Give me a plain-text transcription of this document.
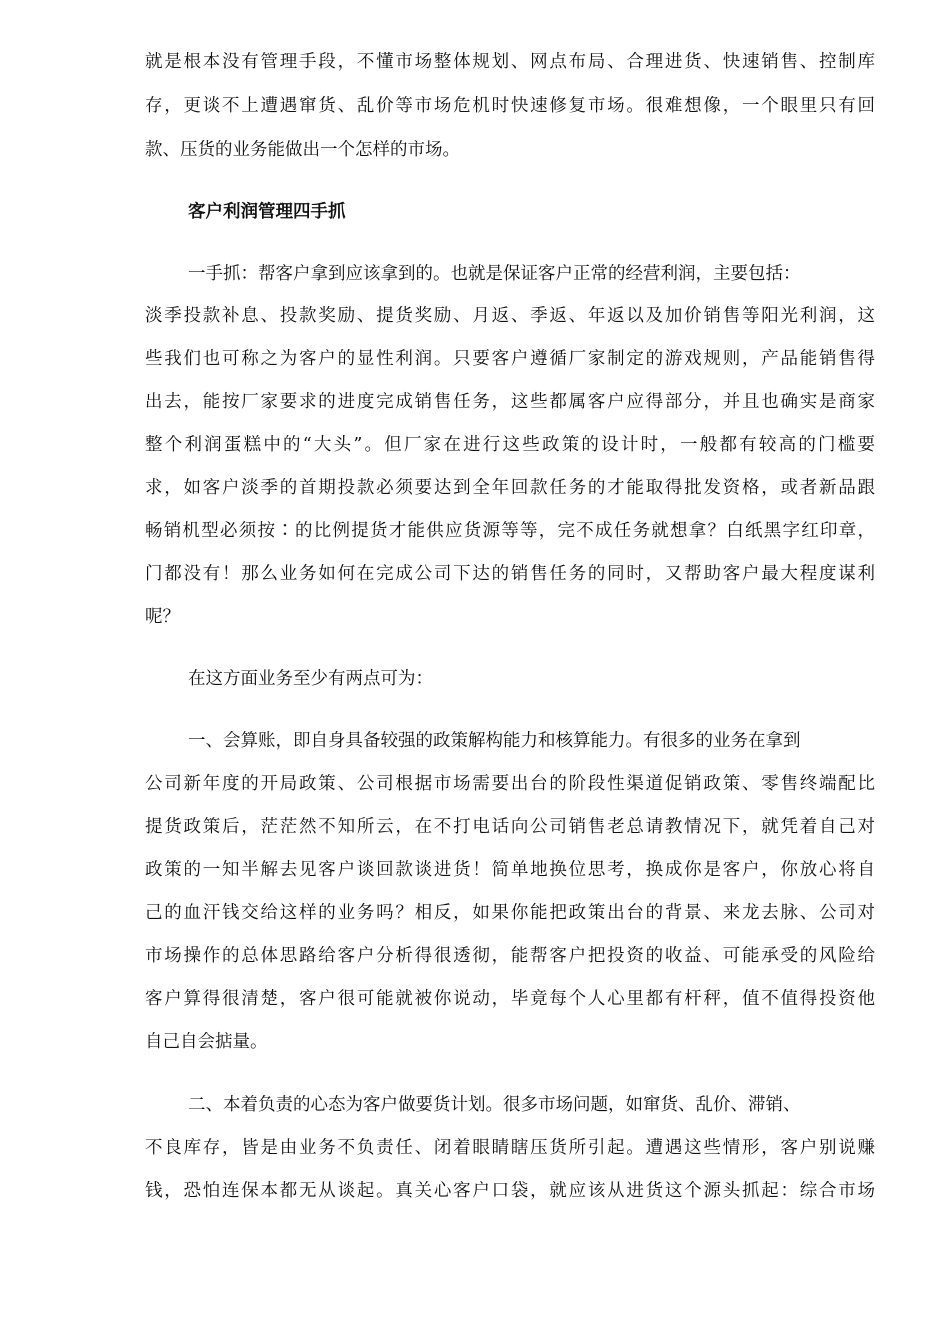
就是根本没有管理手段，不懂市场整体规划、网点布局、合理进货、快速销售、控制库
存，更谈不上遭遇窜货、乱价等市场危机时快速修复市场。很难想像，一个眼里只有回
款、压货的业务能做出一个怎样的市场。
客户利润管理四手抓
一手抓：帮客户拿到应该拿到的。也就是保证客户正常的经营利润，主要包括：
淡季投款补息、投款奖励、提货奖励、月返、季返、年返以及加价销售等阳光利润，这
些我们也可称之为客户的显性利润。只要客户遵循厂家制定的游戏规则，产品能销售得
出去，能按厂家要求的进度完成销售任务，这些都属客户应得部分，并且也确实是商家
整个利润蛋糕中的“大头”。但厂家在进行这些政策的设计时，一般都有较高的门槛要
求，如客户淡季的首期投款必须要达到全年回款任务的才能取得批发资格，或者新品跟
畅销机型必须按∶的比例提货才能供应货源等等，完不成任务就想拿？白纸黑字红印章，
门都没有！那么业务如何在完成公司下达的销售任务的同时，又帮助客户最大程度谋利
呢？
在这方面业务至少有两点可为：
一、会算账，即自身具备较强的政策解构能力和核算能力。有很多的业务在拿到
公司新年度的开局政策、公司根据市场需要出台的阶段性渠道促销政策、零售终端配比
提货政策后，茫茫然不知所云，在不打电话向公司销售老总请教情况下，就凭着自己对
政策的一知半解去见客户谈回款谈进货！简单地换位思考，换成你是客户，你放心将自
己的血汗钱交给这样的业务吗？相反，如果你能把政策出台的背景、来龙去脉、公司对
市场操作的总体思路给客户分析得很透彻，能帮客户把投资的收益、可能承受的风险给
客户算得很清楚，客户很可能就被你说动，毕竟每个人心里都有杆秤，值不值得投资他
自己自会掂量。
二、本着负责的心态为客户做要货计划。很多市场问题，如窜货、乱价、滞销、
不良库存，皆是由业务不负责任、闭着眼睛瞎压货所引起。遭遇这些情形，客户别说赚
钱，恐怕连保本都无从谈起。真关心客户口袋，就应该从进货这个源头抓起：综合市场
